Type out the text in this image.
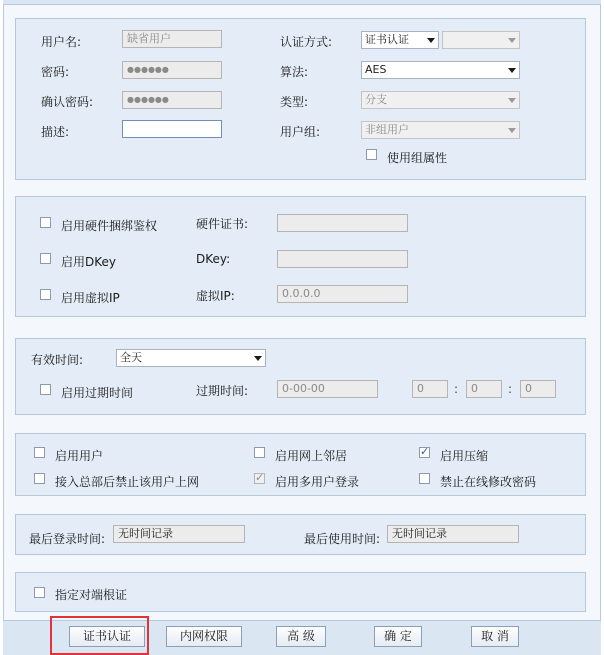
用户名:	缺省用户
密码:	●●●●●●
确认密码:	●●●●●●
描述:
认证方式:	证书认证
算法:	AES
类型:	分支
用户组:	非组用户
使用组属性
启用硬件捆绑鉴权	硬件证书:
启用DKey	DKey:
启用虚拟IP	虚拟IP:	0.0.0.0
有效时间:	全天
启用过期时间	过期时间:	0-00-00	0	:	0	:	0
启用用户	启用网上邻居 ✓	启用压缩
接入总部后禁止该用户上网 ✓	启用多用户登录	禁止在线修改密码
最后登录时间:	无时间记录	最后使用时间:	无时间记录
指定对端根证
证书认证	内网权限	高 级	确 定	取 消
